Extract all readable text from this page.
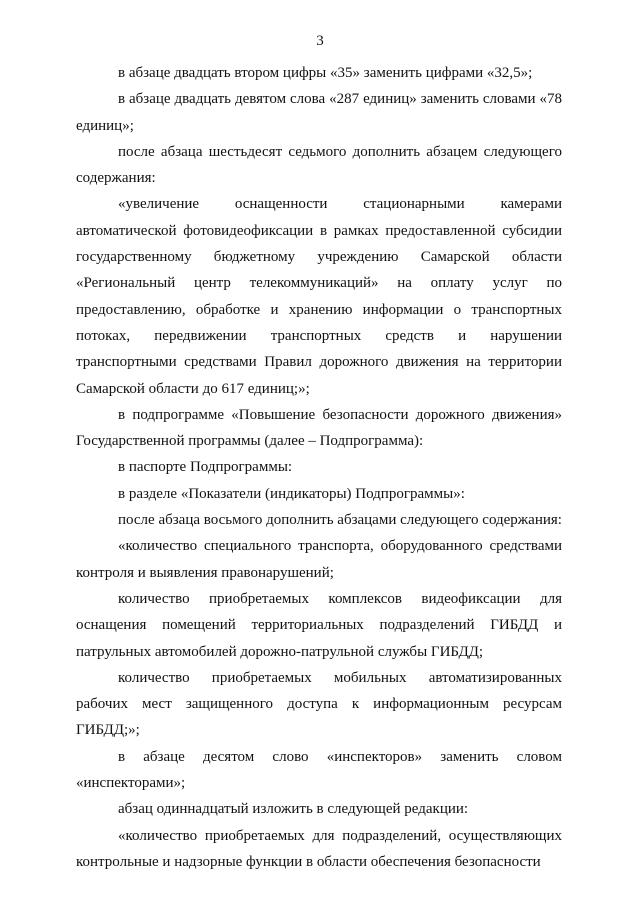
3

в абзаце двадцать втором цифры «35» заменить цифрами «32,5»;

в абзаце двадцать девятом слова «287 единиц» заменить словами «78 единиц»;

после абзаца шестьдесят седьмого дополнить абзацем следующего содержания:

«увеличение оснащенности стационарными камерами автоматической фотовидеофиксации в рамках предоставленной субсидии государственному бюджетному учреждению Самарской области «Региональный центр телекоммуникаций» на оплату услуг по предоставлению, обработке и хранению информации о транспортных потоках, передвижении транспортных средств и нарушении транспортными средствами Правил дорожного движения на территории Самарской области до 617 единиц;»;

в подпрограмме «Повышение безопасности дорожного движения» Государственной программы (далее – Подпрограмма):

в паспорте Подпрограммы:

в разделе «Показатели (индикаторы) Подпрограммы»:

после абзаца восьмого дополнить абзацами следующего содержания:

«количество специального транспорта, оборудованного средствами контроля и выявления правонарушений;

количество приобретаемых комплексов видеофиксации для оснащения помещений территориальных подразделений ГИБДД и патрульных автомобилей дорожно-патрульной службы ГИБДД;

количество приобретаемых мобильных автоматизированных рабочих мест защищенного доступа к информационным ресурсам ГИБДД;»;

в абзаце десятом слово «инспекторов» заменить словом «инспекторами»;

абзац одиннадцатый изложить в следующей редакции:

«количество приобретаемых для подразделений, осуществляющих контрольные и надзорные функции в области обеспечения безопасности
